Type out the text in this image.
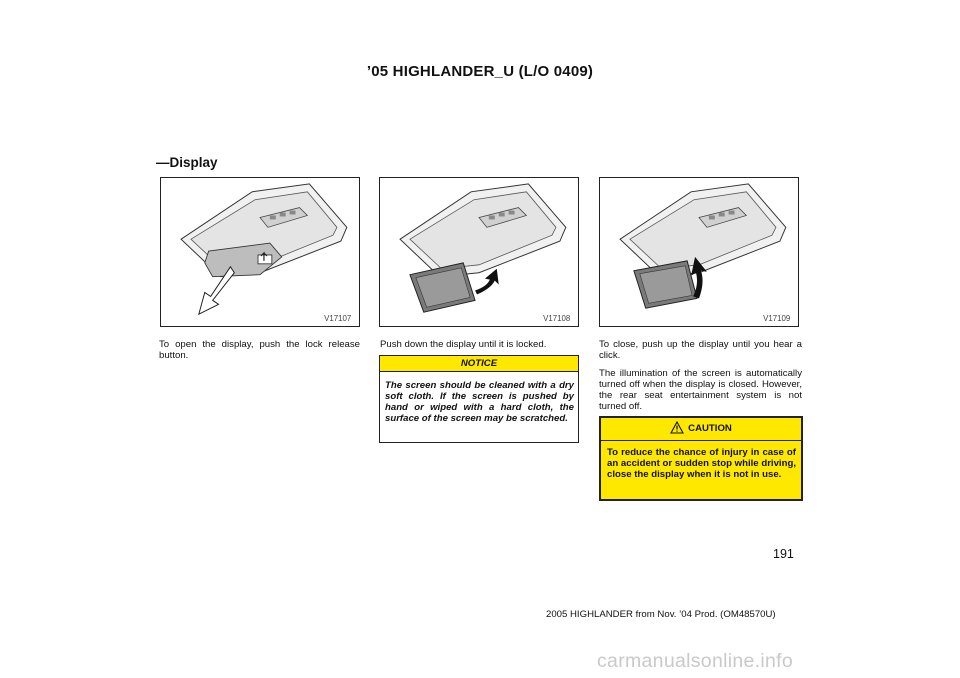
’05 HIGHLANDER_U (L/O 0409)
—Display
V17107	V17108	V17109
To open the display, push the lock release button.
Push down the display until it is locked.
NOTICE
The screen should be cleaned with a dry soft cloth. If the screen is pushed by hand or wiped with a hard cloth, the surface of the screen may be scratched.

To close, push up the display until you hear a click.

The illumination of the screen is automatically turned off when the display is closed. However, the rear seat entertainment system is not turned off.

CAUTION
To reduce the chance of injury in case of an accident or sudden stop while driving, close the display when it is not in use.
191
2005 HIGHLANDER from Nov. ’04 Prod. (OM48570U)
carmanualsonline.info
